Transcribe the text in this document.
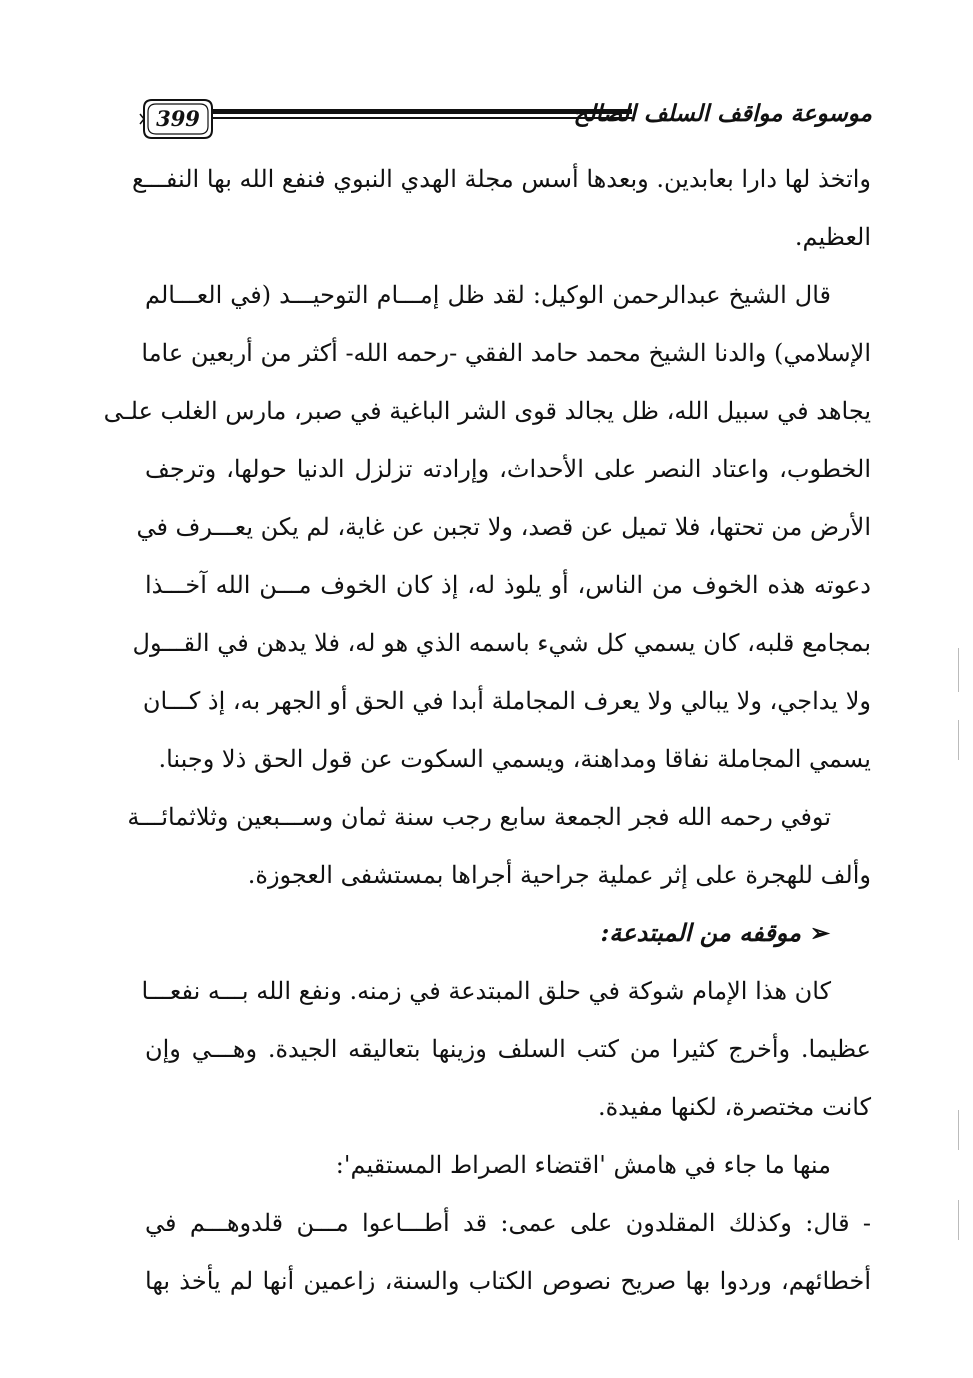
399	موسوعة مواقف السلف الصالح
واتخذ لها دارا بعابدين. وبعدها أسس مجلة الهدي النبوي فنفع الله بها النفـــع
العظيم.
قال الشيخ عبدالرحمن الوكيل: لقد ظل إمـــام التوحيـــد (في العـــالم
الإسلامي) والدنا الشيخ محمد حامد الفقي -رحمه الله- أكثر من أربعين عاما
يجاهد في سبيل الله، ظل يجالد قوى الشر الباغية في صبر، مارس الغلب علـى
الخطوب، واعتاد النصر على الأحداث، وإرادته تزلزل الدنيا حولها، وترجف
الأرض من تحتها، فلا تميل عن قصد، ولا تجبن عن غاية، لم يكن يعـــرف في
دعوته هذه الخوف من الناس، أو يلوذ له، إذ كان الخوف مـــن الله آخـــذا
بمجامع قلبه، كان يسمي كل شيء باسمه الذي هو له، فلا يدهن في القـــول
ولا يداجي، ولا يبالي ولا يعرف المجاملة أبدا في الحق أو الجهر به، إذ كـــان
يسمي المجاملة نفاقا ومداهنة، ويسمي السكوت عن قول الحق ذلا وجبنا.
توفي رحمه الله فجر الجمعة سابع رجب سنة ثمان وســـبعين وثلاثمائـــة
وألف للهجرة على إثر عملية جراحية أجراها بمستشفى العجوزة.
➢موقفه من المبتدعة:
كان هذا الإمام شوكة في حلق المبتدعة في زمنه. ونفع الله بـــه نفعـــا
عظيما. وأخرج كثيرا من كتب السلف وزينها بتعاليقه الجيدة. وهـــي وإن
كانت مختصرة، لكنها مفيدة.
منها ما جاء في هامش 'اقتضاء الصراط المستقيم':
- قال: وكذلك المقلدون على عمى: قد أطـــاعوا مـــن قلدوهـــم في
أخطائهم، وردوا بها صريح نصوص الكتاب والسنة، زاعمين أنها لم يأخذ بها
